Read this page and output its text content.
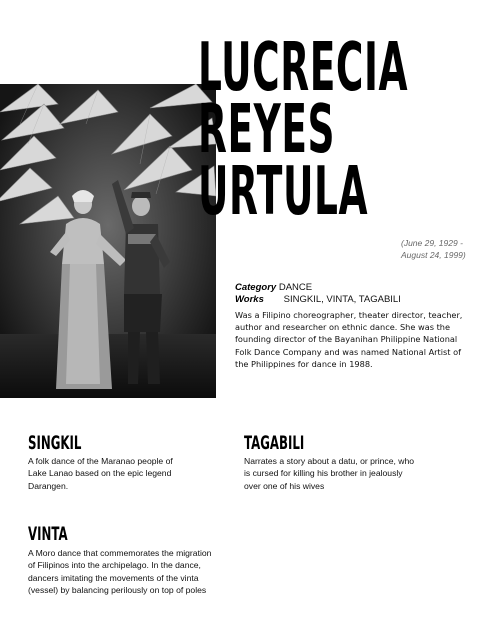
LUCRECIA
REYES
URTULA
(June 29, 1929 - August 24, 1999)
Category DANCE
Works SINGKIL, VINTA, TAGABILI
Was a Filipino choreographer, theater director, teacher, author and researcher on ethnic dance. She was the founding director of the Bayanihan Philippine National Folk Dance Company and was named National Artist of the Philippines for dance in 1988.
SINGKIL
A folk dance of the Maranao people of Lake Lanao based on the epic legend Darangen.
TAGABILI
Narrates a story about a datu, or prince, who is cursed for killing his brother in jealously over one of his wives
VINTA
A Moro dance that commemorates the migration of Filipinos into the archipelago. In the dance, dancers imitating the movements of the vinta (vessel) by balancing perilously on top of poles
